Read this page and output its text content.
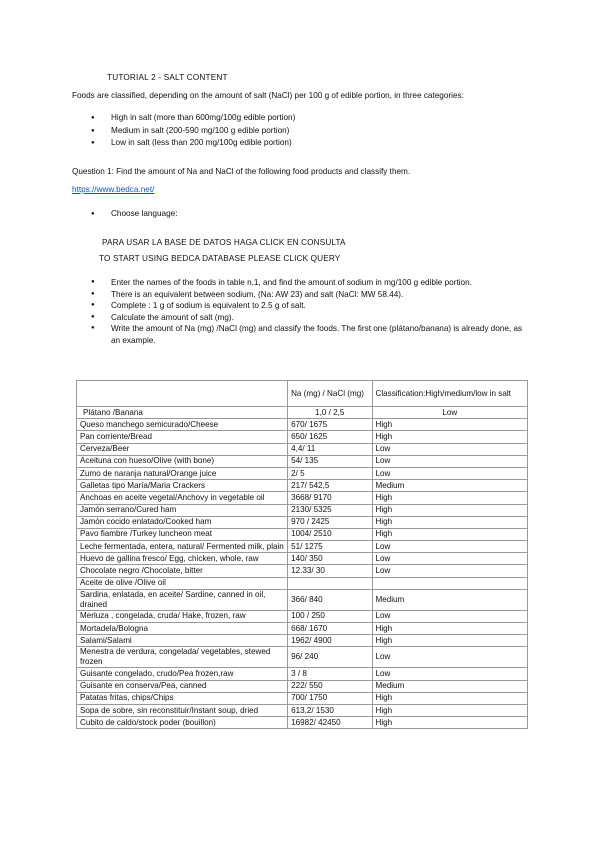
TUTORIAL 2 - SALT CONTENT
Foods are classified, depending on the amount of salt (NaCl) per 100 g of edible portion, in three categories:
● High in salt (more than 600mg/100g edible portion)
● Medium in salt (200-590 mg/100 g edible portion)
● Low in salt (less than 200 mg/100g edible portion)
Question 1: Find the amount of Na and NaCl of the following food products and classify them.
https://www.bedca.net/
● Choose language:
PARA USAR LA BASE DE DATOS HAGA CLICK EN CONSULTA
TO START USING BEDCA DATABASE PLEASE CLICK QUERY
● Enter the names of the foods in table n.1, and find the amount of sodium in mg/100 g edible portion.
● There is an equivalent between sodium, (Na: AW 23) and salt (NaCl: MW 58.44).
● Complete : 1 g of sodium is equivalent to 2.5 g of salt.
● Calculate the amount of salt (mg).
● Write the amount of Na (mg) /NaCl (mg) and classify the foods. The first one (plátano/banana) is already done, as an example.
	Na (mg) / NaCl (mg)	Classification:High/medium/low in salt
Plátano /Banana	1,0 / 2,5	Low
Queso manchego semicurado/Cheese	670/ 1675	High
Pan corriente/Bread	650/ 1625	High
Cerveza/Beer	4,4/ 11	Low
Aceituna con hueso/Olive (with bone)	54/ 135	Low
Zumo de naranja natural/Orange juice	2/ 5	Low
Galletas tipo María/Maria Crackers	217/ 542,5	Medium
Anchoas en aceite vegetal/Anchovy in vegetable oil	3668/ 9170	High
Jamón serrano/Cured ham	2130/ 5325	High
Jamón cocido enlatado/Cooked ham	970 / 2425	High
Pavo fiambre /Turkey luncheon meat	1004/ 2510	High
Leche fermentada, entera, natural/ Fermented milk, plain	51/ 1275	Low
Huevo de gallina fresco/ Egg, chicken, whole, raw	140/ 350	Low
Chocolate negro /Chocolate, bitter	12.33/ 30	Low
Aceite de olive /Olive oil		
Sardina, enlatada, en aceite/ Sardine, canned in oil, drained	366/ 840	Medium
Merluza , congelada, cruda/ Hake, frozen, raw	100 / 250	Low
Mortadela/Bologna	668/ 1670	High
Salami/Salami	1962/ 4900	High
Menestra de verdura, congelada/ vegetables, stewed frozen	96/ 240	Low
Guisante congelado, crudo/Pea frozen,raw	3 / 8	Low
Guisante en conserva/Pea, canned	222/ 550	Medium
Patatas fritas, chips/Chips	700/ 1750	High
Sopa de sobre, sin reconstituir/Instant soup, dried	613,2/ 1530	High
Cubito de caldo/stock poder (bouillon)	16982/ 42450	High
